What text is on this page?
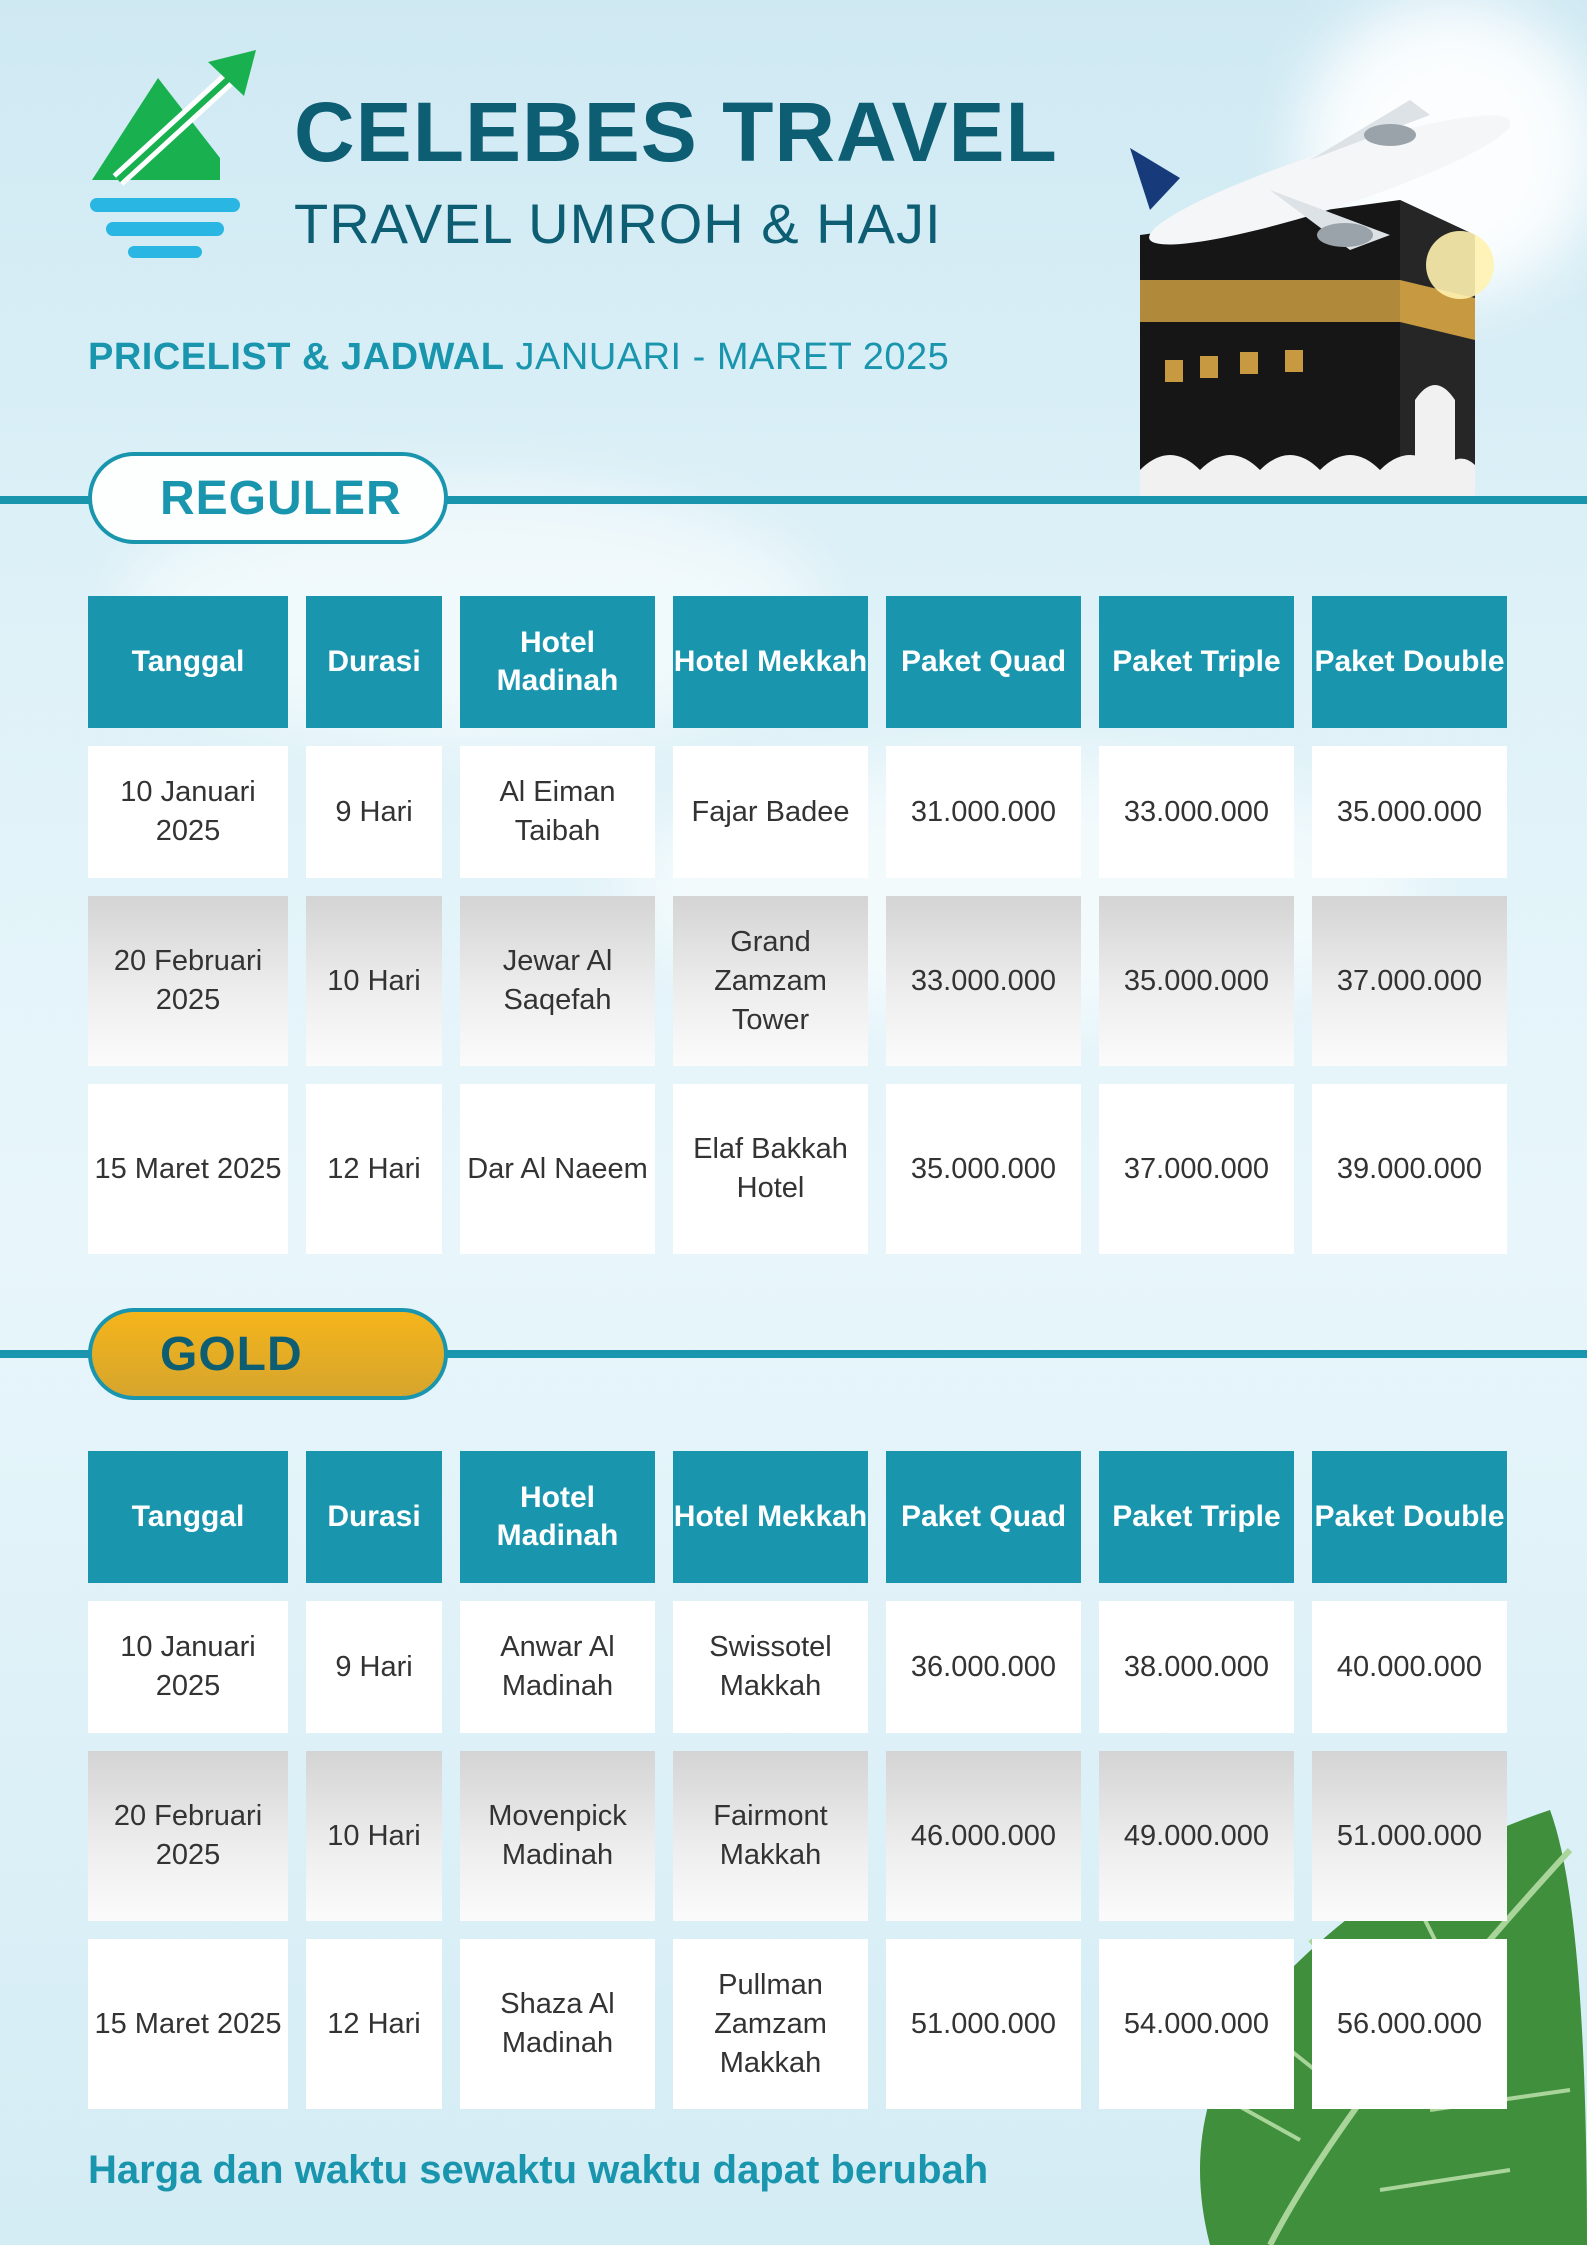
CELEBES TRAVEL
TRAVEL UMROH & HAJI
PRICELIST & JADWAL JANUARI - MARET 2025
REGULER
Tanggal	Durasi	Hotel Madinah	Hotel Mekkah	Paket Quad	Paket Triple	Paket Double
10 Januari 2025	9 Hari	Al Eiman Taibah	Fajar Badee	31.000.000	33.000.000	35.000.000
20 Februari 2025	10 Hari	Jewar Al Saqefah	Grand Zamzam Tower	33.000.000	35.000.000	37.000.000
15 Maret 2025	12 Hari	Dar Al Naeem	Elaf Bakkah Hotel	35.000.000	37.000.000	39.000.000
GOLD
Tanggal	Durasi	Hotel Madinah	Hotel Mekkah	Paket Quad	Paket Triple	Paket Double
10 Januari 2025	9 Hari	Anwar Al Madinah	Swissotel Makkah	36.000.000	38.000.000	40.000.000
20 Februari 2025	10 Hari	Movenpick Madinah	Fairmont Makkah	46.000.000	49.000.000	51.000.000
15 Maret 2025	12 Hari	Shaza Al Madinah	Pullman Zamzam Makkah	51.000.000	54.000.000	56.000.000
Harga dan waktu sewaktu waktu dapat berubah
